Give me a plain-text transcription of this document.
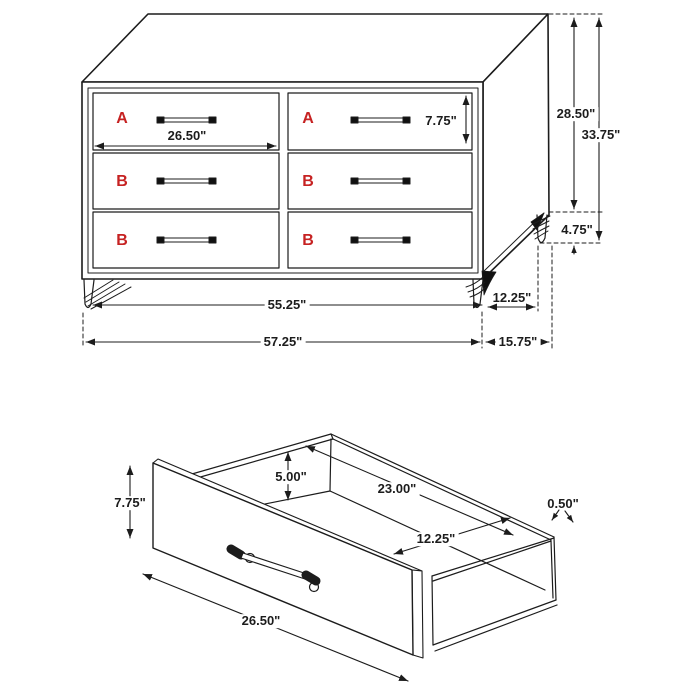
A	A
B	B
B	B
26.50"
7.75"	28.50"
33.75"
4.75"
55.25"	12.25"
57.25"	15.75"
7.75"
5.00"
23.00"
12.25"
0.50"
26.50"
